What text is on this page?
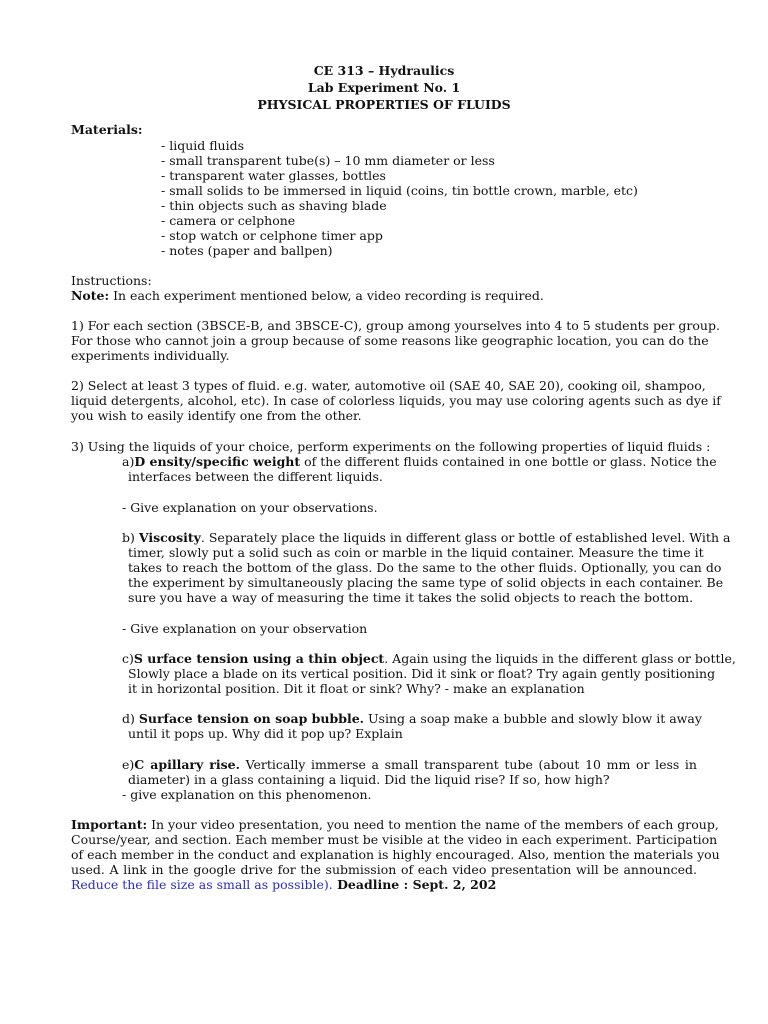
CE 313 – Hydraulics
Lab Experiment No. 1
PHYSICAL PROPERTIES OF FLUIDS
Materials:
- liquid fluids
- small transparent tube(s) – 10 mm diameter or less
- transparent water glasses, bottles
- small solids to be immersed in liquid (coins, tin bottle crown, marble, etc)
- thin objects such as shaving blade
- camera or celphone
- stop watch or celphone timer app
- notes (paper and ballpen)
Instructions:
Note: In each experiment mentioned below, a video recording is required.
1) For each section (3BSCE-B, and 3BSCE-C), group among yourselves into 4 to 5 students per group.
For those who cannot join a group because of some reasons like geographic location, you can do the
experiments individually.
2) Select at least 3 types of fluid. e.g. water, automotive oil (SAE 40, SAE 20), cooking oil, shampoo,
liquid detergents, alcohol, etc). In case of colorless liquids, you may use coloring agents such as dye if
you wish to easily identify one from the other.
3) Using the liquids of your choice, perform experiments on the following properties of liquid fluids :
a)D ensity/specific weight of the different fluids contained in one bottle or glass. Notice the
interfaces between the different liquids.
- Give explanation on your observations.
b) Viscosity. Separately place the liquids in different glass or bottle of established level. With a
timer, slowly put a solid such as coin or marble in the liquid container. Measure the time it
takes to reach the bottom of the glass. Do the same to the other fluids. Optionally, you can do
the experiment by simultaneously placing the same type of solid objects in each container. Be
sure you have a way of measuring the time it takes the solid objects to reach the bottom.
- Give explanation on your observation
c)S urface tension using a thin object. Again using the liquids in the different glass or bottle,
Slowly place a blade on its vertical position. Did it sink or float? Try again gently positioning
it in horizontal position. Dit it float or sink? Why? - make an explanation
d) Surface tension on soap bubble. Using a soap make a bubble and slowly blow it away
until it pops up. Why did it pop up? Explain
e)C apillary rise. Vertically immerse a small transparent tube (about 10 mm or less in
diameter) in a glass containing a liquid. Did the liquid rise? If so, how high?
- give explanation on this phenomenon.
Important: In your video presentation, you need to mention the name of the members of each group,
Course/year, and section. Each member must be visible at the video in each experiment. Participation
of each member in the conduct and explanation is highly encouraged. Also, mention the materials you
used. A link in the google drive for the submission of each video presentation will be announced.
Reduce the file size as small as possible). Deadline : Sept. 2, 202
